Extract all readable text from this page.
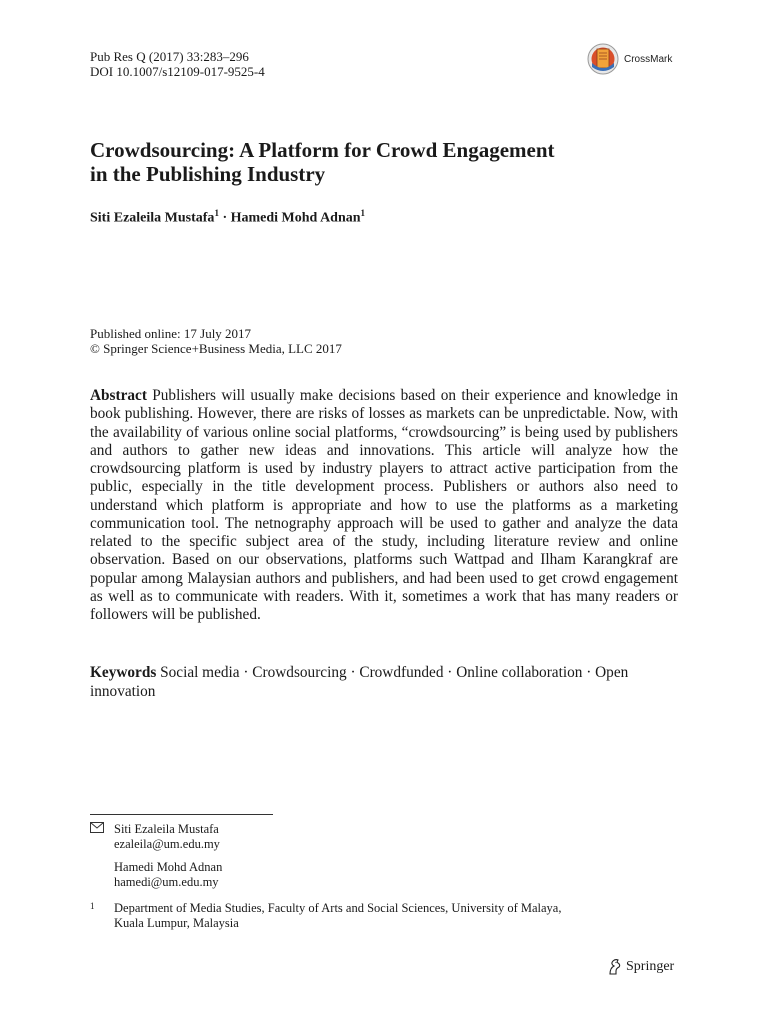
Pub Res Q (2017) 33:283–296
DOI 10.1007/s12109-017-9525-4
CrossMark
Crowdsourcing: A Platform for Crowd Engagement
in the Publishing Industry
Siti Ezaleila Mustafa$^1$ · Hamedi Mohd Adnan$^1$
Published online: 17 July 2017
© Springer Science+Business Media, LLC 2017
Abstract Publishers will usually make decisions based on their experience and knowledge in book publishing. However, there are risks of losses as markets can be unpredictable. Now, with the availability of various online social platforms, “crowdsourcing” is being used by publishers and authors to gather new ideas and innovations. This article will analyze how the crowdsourcing platform is used by industry players to attract active participation from the public, especially in the title development process. Publishers or authors also need to understand which platform is appropriate and how to use the platforms as a marketing communication tool. The netnography approach will be used to gather and analyze the data related to the specific subject area of the study, including literature review and online observation. Based on our observations, platforms such Wattpad and Ilham Karangkraf are popular among Malaysian authors and publishers, and had been used to get crowd engagement as well as to communicate with readers. With it, sometimes a work that has many readers or followers will be published.
Keywords Social media · Crowdsourcing · Crowdfunded · Online collaboration · Open innovation
Siti Ezaleila Mustafa
ezaleila@um.edu.my
Hamedi Mohd Adnan
hamedi@um.edu.my
1	Department of Media Studies, Faculty of Arts and Social Sciences, University of Malaya,
Kuala Lumpur, Malaysia
Springer
